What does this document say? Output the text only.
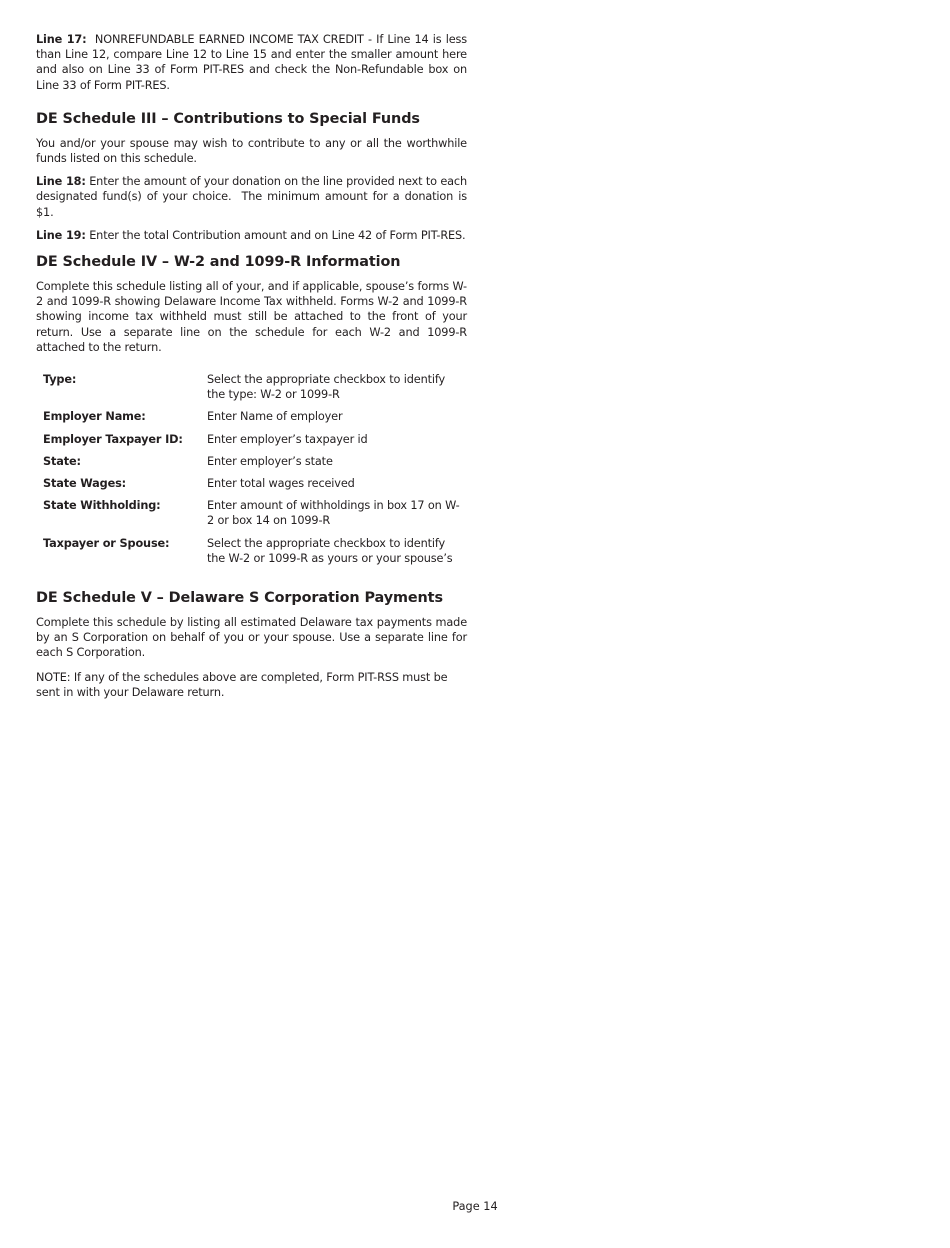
Line 17:  NONREFUNDABLE EARNED INCOME TAX CREDIT - If Line 14 is less than Line 12, compare Line 12 to Line 15 and enter the smaller amount here and also on Line 33 of Form PIT-RES and check the Non-Refundable box on Line 33 of Form PIT-RES.

DE Schedule III – Contributions to Special Funds

You and/or your spouse may wish to contribute to any or all the worthwhile funds listed on this schedule.

Line 18: Enter the amount of your donation on the line provided next to each designated fund(s) of your choice.  The minimum amount for a donation is $1.

Line 19: Enter the total Contribution amount and on Line 42 of Form PIT-RES.

DE Schedule IV – W-2 and 1099-R Information

Complete this schedule listing all of your, and if applicable, spouse’s forms W-2 and 1099-R showing Delaware Income Tax withheld. Forms W-2 and 1099-R showing income tax withheld must still be attached to the front of your return. Use a separate line on the schedule for each W-2 and 1099-R attached to the return.

Type:	Select the appropriate checkbox to identify the type: W-2 or 1099-R
Employer Name:	Enter Name of employer
Employer Taxpayer ID:	Enter employer’s taxpayer id
State:	Enter employer’s state
State Wages:	Enter total wages received
State Withholding:	Enter amount of withholdings in box 17 on W-2 or box 14 on 1099-R
Taxpayer or Spouse:	Select the appropriate checkbox to identify the W-2 or 1099-R as yours or your spouse’s
DE Schedule V – Delaware S Corporation Payments

Complete this schedule by listing all estimated Delaware tax payments made by an S Corporation on behalf of you or your spouse. Use a separate line for each S Corporation.

NOTE: If any of the schedules above are completed, Form PIT-RSS must be sent in with your Delaware return.

Page 14
